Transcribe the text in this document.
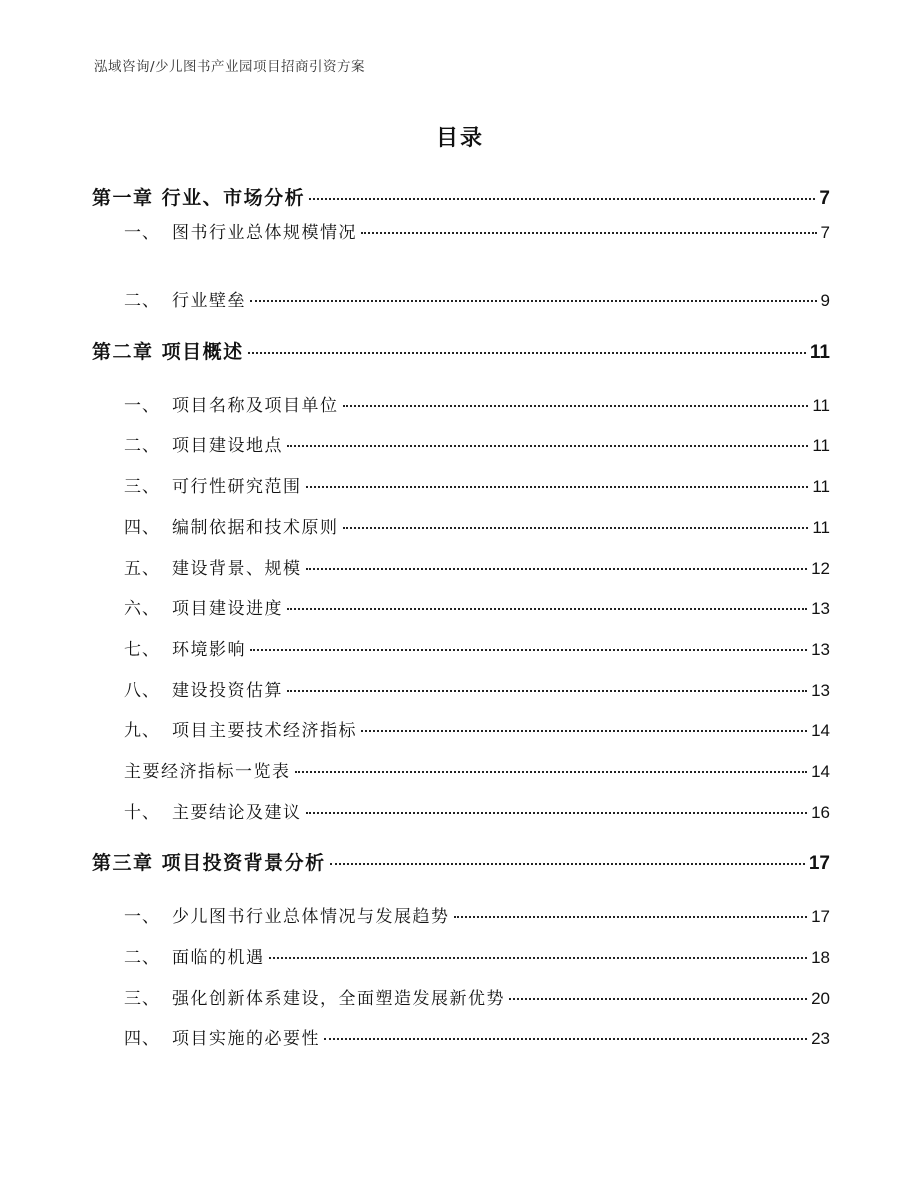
泓域咨询/少儿图书产业园项目招商引资方案
目录
第一章 行业、市场分析	7
一、 图书行业总体规模情况	7
二、 行业壁垒	9
第二章 项目概述	11
一、 项目名称及项目单位	11
二、 项目建设地点	11
三、 可行性研究范围	11
四、 编制依据和技术原则	11
五、 建设背景、规模	12
六、 项目建设进度	13
七、 环境影响	13
八、 建设投资估算	13
九、 项目主要技术经济指标	14
主要经济指标一览表	14
十、 主要结论及建议	16
第三章 项目投资背景分析	17
一、 少儿图书行业总体情况与发展趋势	17
二、 面临的机遇	18
三、 强化创新体系建设，全面塑造发展新优势	20
四、 项目实施的必要性	23
